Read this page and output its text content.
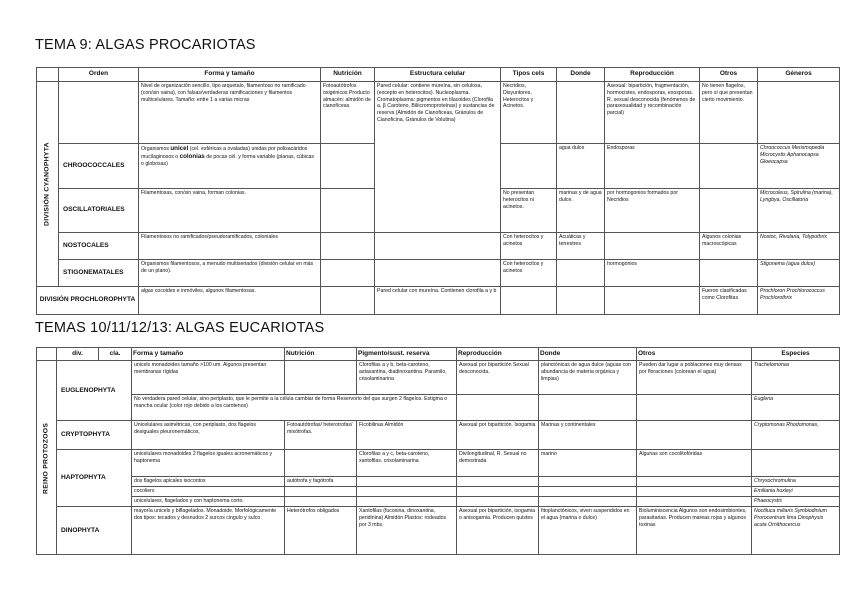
TEMA 9: ALGAS PROCARIOTAS
	Orden	Forma y tamaño	Nutrición	Estructura celular	Tipos cels	Donde	Reproducción	Otros	Géneros
DIVISIÓN CYANOPHYTA		Nivel de organización sencillo, tipo arquetalo, filamentoso no ramificado (con/sin vaina), con falsas/verdaderas ramificaciones y filamentos multicelulares. Tamaño: entre 1 a varias micras	Fotoautótrofos oxigénicos Producto almacén: almidón de cianofíceas.	Pared celular: contiene mureína, sin celulosa, (excepto en heterocitos). Nucleoplasma. Cromatoplasma: pigmentos en tilacoides (Clorofila a, β Caroteno, Biliicromoproteínas) y sustancias de reserva (Almidón de Cianoficeas, Gránulos de Cianoficina, Gránulos de Volutina)	Necridios, Disyuntores, Heterocitos y Acinetos.		Asexual: bipartición, fragmentación, hormocistes, endosporas, exosporas. R. sexual desconocida (fenómenos de parasexualidad y recombinación parcial)	No tienen flagelos, pero sí que presentan cierto movimiento.	
	CHROOCOCCALES	Organismos unicel (cel. esféricas a ovaladas) unidas por polisacáridos mucilaginosos o colonias de pocas cél. y forma variable (planas, cúbicas o globosas)				agua dulce	Endosporas		Chroococcus Merismopedia Microcystis Aphanocapsa Gloeocapsa
	OSCILLATORIALES	Filamentosas, con/sin vaina, forman colonias.			No presentan heterocitos ni acinetos.	marinas y de agua dulce.	por hormogonios formados por Necridios		Microcoleus, Spirulina (marina), Lyngbya, Oscillatoria
	NOSTOCALES	Filamentosos no ramificados/pseudoramificados, coloniales			Con heterocitos y acinetos	Acuáticas y terrestres		Algunos colonias macroscópicas	Nostoc, Rivularia, Tolypothrix
	STIGONEMATALES	Organismos filamentosos, a menudo multiseriados (división celular en más de un plano).			Con heterocitos y acinetos		hormogonios		Stigonema (agua dulce)
DIVISIÓN PROCHLOROPHYTA		algas cocoides e inmóviles, algunos filamentosas.		Pared celular con mureína. Contienen clorofila a y b				Fueron clasificadas como Clorofitas	Prochloron Prochlorococcus Prochlorothrix
TEMAS 10/11/12/13: ALGAS EUCARIOTAS
	div.	cla.	Forma y tamaño	Nutrición	Pigmento/sust. reserva	Reproducción	Donde	Otros	Especies
REINO PROTOZOOS	EUGLENOPHYTA		unicels monadoides tamaño >100 um. Algunos presentan membranas rígidas		Clorofilas a y b, beta-caroteno, astaxantina, diadinoxantina. Paramilo, crisolaminarina	Asexual por bipartición Sexual desconocida.	planctónicas de agua dulce (aguas con abundancia de materia orgánica y limpias)	Pueden dar lugar a poblaciones muy densas por floraciones (colorean el agua)	Trachelomonas
			No verdadera pared celular, sino periplasto, que le permite a la célula cambiar de forma Reservorio del que surgen 2 flagelos. Estigma o mancha ocular (color rojo debido a los carotenos)						Euglena
	CRYPTOPHYTA		Unicelulares asimétricas, con periplasto, dos flagelos desiguales pleuronemáticos,	Fotoautótrofas/ heterotrofas/ mixótrofas.	Ficobilinas Almidón	Asexual por bipartición. Isogamia	Marinas y continentales		Cryptomonas Rhodomonas,
	HAPTOPHYTA		unicelulares monadoides 2 flagelos iguales acronemáticos y haptonema		Clorofilas a y c, beta-caroteno, xantofilas. crisolaminarina	Divilongitudinal, R. Sexual no demostrada	marino	Algunas son cocolitofóridas	
			dos flagelos apicales isocontos	autótrofa y fagótrofa					Chrysochromulina
			cocoliers						Emiliania huxleyi
			unicelulares, flagelados y con haptonema corto.						Phaeocystis
	DINOPHYTA		mayoría unicels y biflagelados. Monadoide. Morfológicamente dos tipos: tecados y desnudos 2 surcos cingulo y sulco	Heterótrofos obligados	Xantofilas (fucoxina, dinoxantina, peridinina) Almidón Plastos: rodeados por 3 mbs.	Asexual por bipartición, isogamia o anisogamia. Producen quistes	fitoplanctónicos, viven suspendidos en el agua (marina o dulce)	Bioluminiscencia Algunos son endosimbiontes, parasitarias. Producen mareas rojas y algunos toxinas	Noctiluca miliaris Symbiodinium Prorocentrum lima Dinophysis acuta Ornithocercus
